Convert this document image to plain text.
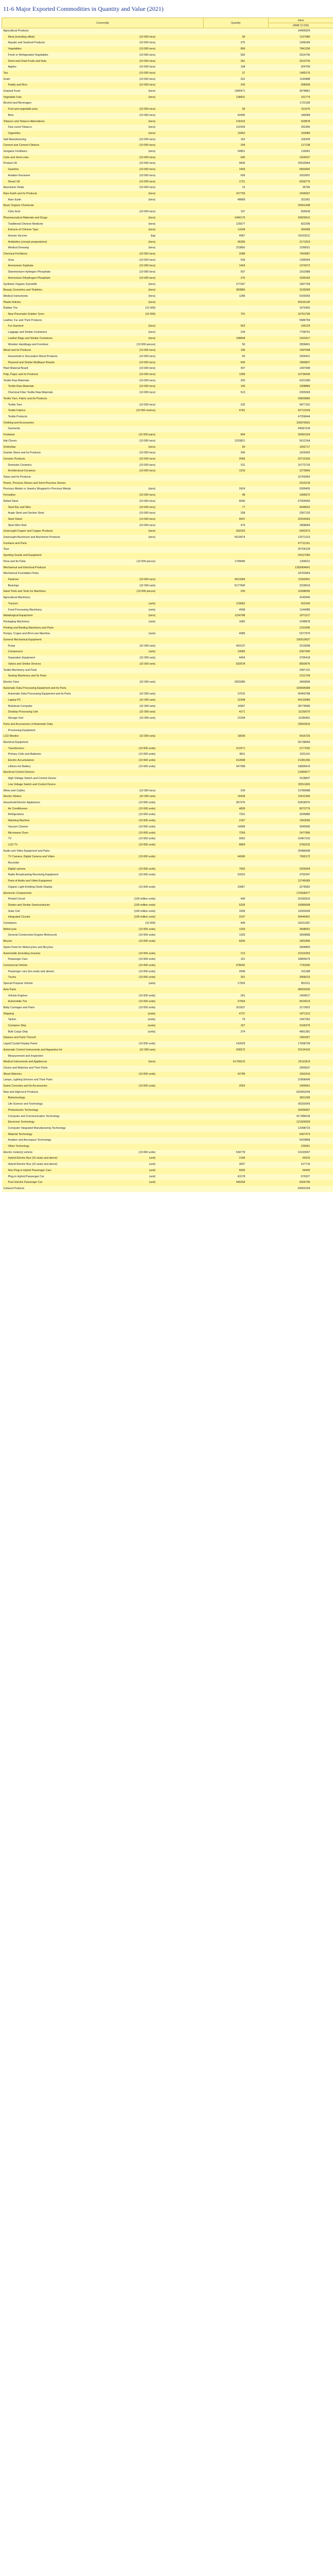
11-6 Major Exported Commodities in Quantity and Value (2021)
Commodity	Quantity	Value
		(RMB 10 000)

Agricultural Products		34465924

Meat (including offals) (10 000 tons)	30	1107585

Aquatic and Seafood Products (10 000 tons)	375	1396184

Vegetables (10 000 tons)	899	7841206

Fresh or Refrigerated Vegetables (10 000 tons)	592	2914736

Dried and Dried Fruits and Nuts (10 000 tons)	361	2619726

Apples (10 000 tons)	108	924709

Tea (10 000 tons)	37	1489176

Grain (10 000 tons)	331	1149488

Paddy and Rice (10 000 tons)	243	698399

Grained Food (tons)	1966471	3678861

Vegetable Fats (tons)	138431	191779

Alcohol and Beverages		1721199

Fruit and vegetable juice (10 000 tons)	50	311076

Beer (10 000 tons)	42400	180289

Tobacco and Tobacco Alternatives (tons)	218102	629878

Flue-cured Tobacco (tons)	122429	352305

Cigarettes (tons)	10452	150089

Salt Manufacturing (10 000 tons)	162	105209

Cement and Cement Clinkers (10 000 tons)	209	117138

Inorganic Fertilizers (tons)	24851	116061

Coke and Semi-coke (10 000 tons)	645	1926037

Product Oil (10 000 tons)	5835	25533964

Gasoline (10 000 tons)	1459	5833492

Aviation Kerosene (10 000 tons)	609	2022607

Diesel Oil (10 000 tons)	1721	6639779

Aluminium Oxide (10 000 tons)	13	35765

Rare Earth and Its Products (tons)	167793	2435697

Rare Earth (tons)	48689	321091

Basic Organic Chemicals		35551438

Citric Acid (10 000 tons)	107	839918

Pharmaceutical Materials and Drugs (tons)	1494179	30929512

Traditional Chinese Medicine (tons)	125577	822296

Extracts of Chinese Type (tons)	11609	350458

Human Vaccine (kg)	4967	10163211

Antibiotics (except preparations) (tons)	96395	2171819

Medical Dressing (tons)	223892	1299021

Chemical Fertilizers (10 000 tons)	3288	7453687

Urea (10 000 tons)	529	1395644

Ammonium Sulphate (10 000 tons)	1464	1374272

Diammonium Hydrogen Phosphate (10 000 tons)	597	1910389

Ammonium Dihydrogen Phosphate (10 000 tons)	276	1039165

Synthetic Organic Dyestuffs (tons)	277347	1837769

Beauty Cosmetics and Toiletries (tons)	383860	3139399

Medical Instruments (tons)	1289	6165093

Plastic Articles (tons)		56916130

Rubber Tire (10 000)		1670402

New Pneumatic Rubber Tyres (10 000)	701	16761796

Leather, Fur and Their Products		5586759

Fur Garment (tons)	563	195129

Luggage and Similar Containers (tons)	234	7758751

Leather Bags and Similar Containers (tons)	198838	1910417

Wooden Handbags and Furniture (10 000 pieces)	50	3058461

Wood and Its Products (10 000 tons)	190	1497648

Household or Decorative Wood Products (10 000 tons)	60	2004421

Plywood and Similar Multilayer Boards (10 000 tons)	549	1890837

Plant Material Board (10 000 tons)	407	1497648

Pulp, Paper and Its Products (10 000 tons)	1289	10736649

Textile Raw Materials (10 000 tons)	320	6321280

Textile Raw Materials (10 000 tons)	146	1908883

Chemical Fiber Textile Raw Materials (10 000 tons)	513	3335369

Textile Yarn, Fabric and Its Products		93829866

Textile Yarn (10 000 tons)	232	5877191

Textile Fabrics (10 000 metres)	4781	42712029

Textile Products		47256644

Clothing and Accessories		109976691

Garments		44587318

Footwear (10 000 pairs)	894	30681534

Hat Cloves (10 000 tons)	1253821	5612164

Umbrellas (tons)	65	1652717

Granite Stone and Its Products (10 000 tons)	240	1625655

Ceramic Products (10 000 tons)	2066	20710155

Domestic Ceramics (10 000 tons)	511	16772729

Architectural Ceramics (10 000 tons)	1316	2275846

Glass and Its Products		16765963

Pearls, Precious Stones and Semi-Precious Stones		2515218

Precious Metals or Jewelry Wrapped in Precious Metals (tons)	2424	6399455

Ferroalloy (10 000 tons)	48	1696972

Rolled Steel (10 000 tons)	6690	47004665

Steel Bar and Wire (10 000 tons)	77	4548922

Angle Steel and Section Steel (10 000 tons)	258	2057133

Steel Sheet (10 000 tons)	4507	32524553

Steel Wire Rod (10 000 tons)	479	2858669

Unwrought Copper and Copper Products (tons)	932203	6462973

Unwrought Aluminium and Aluminium Products (tons)	5619974	12571313

Furniture and Parts		47712161

Toys		25706128

Sporting Goods and Equipment		24317050

Pens and Its Parts (10 000 pieces)	1799996	1208211

Mechanical and Electrical Products		1283064641

Mechanical Foundation Parts		18763964

Fastener (10 000 tons)	4913366	11363901

Bearings (10 000 sets)	5177690	3318619

Hand Tools and Tools for Machines (10 000 pieces)	235	10098055

Agricultural Machinery		4145945

Tractors (sets)	129662	623166

Food Processing Machinery (sets)	4598	1144089

Metallurgical Equipment (tons)	1154788	1971217

Packaging Machinery (sets)	1682	2248878

Printing and Binding Machinery and Parts		2191006

Pumps, Cogen and All-in-one Machine (sets)	4989	5377976

General Mechanical Equipment		100519937

Pump (10 000 sets)	463137	3219698

Compressor (sets)	10083	6367940

Separation Equipment (10 000 sets)	4454	3795418

Valves and Similar Devices (10 000 sets)	592678	8650676

Textile Machinery and Parts		3097131

Sewing Machinery and Its Parts		2131709

Electric Fans (10 000 sets)	2833380	3460606

Automatic Data Processing Equipment and Its Parts		164695998

Automatic Data Processing Equipment and Its Parts (10 000 sets)	37015	90450788

Laptop PC (10 000 sets)	22348	94130089

Notebook Computer (10 000 sets)	14907	28778990

Desktop Processing Unit (10 000 sets)	4271	11150079

Storage Unit (10 000 sets)	21294	11180451

Parts and Accessories of Automatic Data		33562810

Processing Equipment		

LCD Monitor (10 000 sets)	18939	5416726

Electrical Equipment		36738069

Transformers (10 000 units)	313271	2177025

Primary Cells and Batteries (10 000 units)	3811	1021141

Electric Accumulators (10 000 units)	412838	21081356

Lithium-ion Battery (10 000 units)	347308	18839419

Electrical Control Devices		21683077

High Voltage Switch and Control Device		3128837

Low Voltage Switch and Control Device		20511826

Wires and Cables (10 000 tons)	234	13780688

Electric Motors (10 000 sets)	16428	19412396

Household Electric Appliances (10 000 units)	367376	62818076

Air Conditioners (10 000 units)	4839	8073776

Refrigerators (10 000 units)	7201	3035886

Washing Machine (10 000 units)	2167	1953556

Vacuum Cleaner (10 000 units)	14999	3045606

Microwave Oven (10 000 units)	7269	2477856

TV (10 000 units)	9262	10467315

LCD TV (10 000 units)	8859	9783315

Audio and Video Equipment and Parts		26486608

TV Camera, Digital Camera and Video (10 000 units)	44906	7065172

Recorder		

Digital camera (10 000 units)	7502	2025604

Radio Broadcasting Receiving Equipment (10 000 units)	53322	3792347

Parts of Audio and Video Equipment		12746083

Organic Light Emitting Diode Display (10 000 units)	33967	3278362

Electronic Components		170928377

Printed Circuit (100 million units)	440	20183915

Diodes and Similar Semiconductor (100 million units)	5326	18089008

Solar Cell (100 million units)	1009	15932609

Integrated Circuits (100 million units)	3107	99449401

Containers (10 000)	449	18151287

Motorcycle (10 000 units)	1293	3698001

General Construction Engine Motorcycle (10 000 units)	1253	3650898

Bicycle (10 000 units)	6926	1801896

Spare Parts for Motorcycles and Bicycles		3004803

Automobile (including chassis) (10 000 units)	212	22316393

Passenger Cars (10 000 units)	161	18855675

Commercial Vehicle (10 000 units)	478042	7743295

Passenger cars (ten seats and above) (10 000 units)	2949	611188

Trucks (10 000 units)	301	3968223

Special Purpose Vehicle (sets)	17503	852211

Auto Parts		48929330

Vehicle Engines (10 000 units)	261	1459617

Automobile Tire (10 000 units)	37604	9014513

Baby Carriages and Parts (10 000 units)	251637	3173922

Shipping (units)	4727	1871313

Tanker (units)	79	1047262

Container Ship (units)	157	3105376

Bulk Cargo Ship (units)	374	4861381

Glasses and Parts Thereof		1963357

Liquid Crystal Display Panel (10 000 units)	142629	17658709

Automatic Control Instruments and Apparatus for (10 000 sets)	206572	20134103

Measurement and Inspection		

Medical Instruments and Appliances (tons)	61799213	26111814

Clocks and Watches and Their Parts		2050637

Wood Watches (10 000 units)	42789	1562419

Lamps, Lighting Devices and Their Parts		37806649

Game Consoles and Its Accessories (10 000 units)	2003	1065661

New and High-tech Products		632463244

Biotechnology		3811206

Life Science and Technology		36320343

Photoelectric Technology		20036957

Computer and Communication Technology		417386018

Electronic Technology		121500029

Computer Integrated Manufacturing Technology		12098723

Material Technology		6457473

Aviation and Aerospace Technology		5929858

Other Technology		226561

Electric motor(s) vehicle (10 000 units)	534778	10193597

Hybrid Electric Bus (10 seats and above) (unit)	2146	60315

Hybrid Electric Bus (10 seats and above) (unit)	2837	417715

Non-Plug-in Hybrid Passenger Cars (unit)	6000	94400

Plug-in Hybrid Passenger Car (unit)	43178	670327

Pure Electric Passenger Car (unit)	446259	6926790

Cultural Products		69002294
